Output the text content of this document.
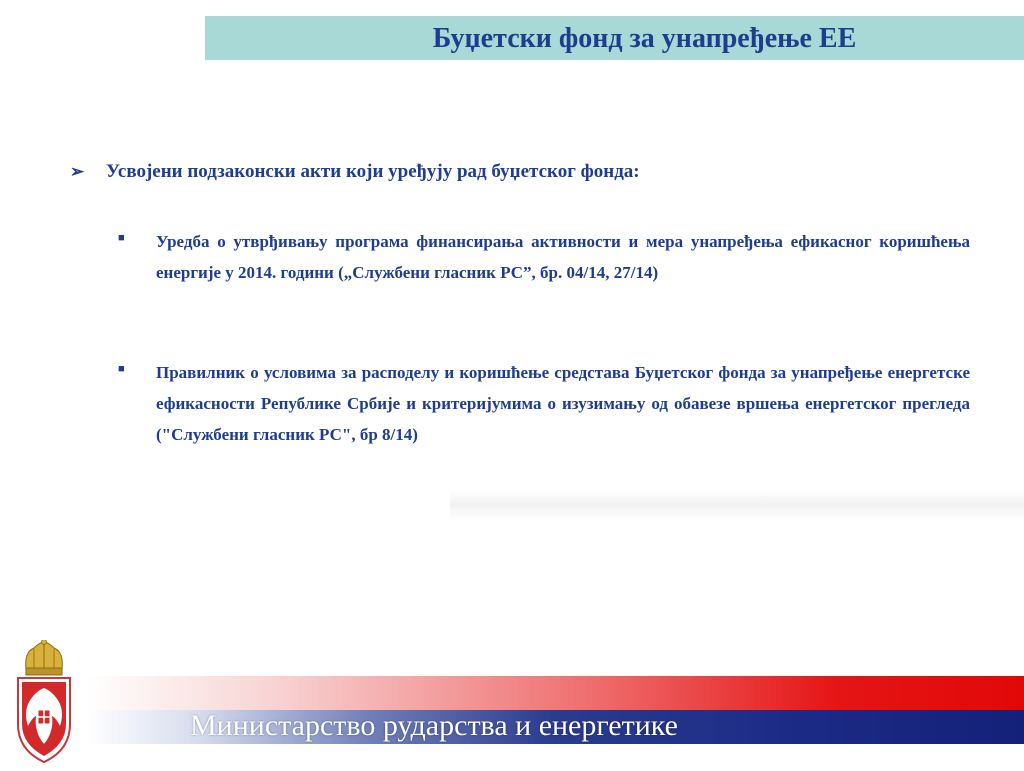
Буџетски фонд за унапређење ЕЕ
➢ Усвојени подзаконски акти који уређују рад буџетског фонда:
■ Уредба о утврђивању програма финансирања активности и мера унапређења ефикасног коришћења енергије у 2014. години („Службени гласник РС”, бр. 04/14, 27/14)
■ Правилник о условима за расподелу и коришћење средстава Буџетског фонда за унапређење енергетске ефикасности Републике Србије и критеријумима о изузимању од обавезе вршења енергетског прегледа ("Службени гласник РС", бр 8/14)
Министарство рударства и енергетике
